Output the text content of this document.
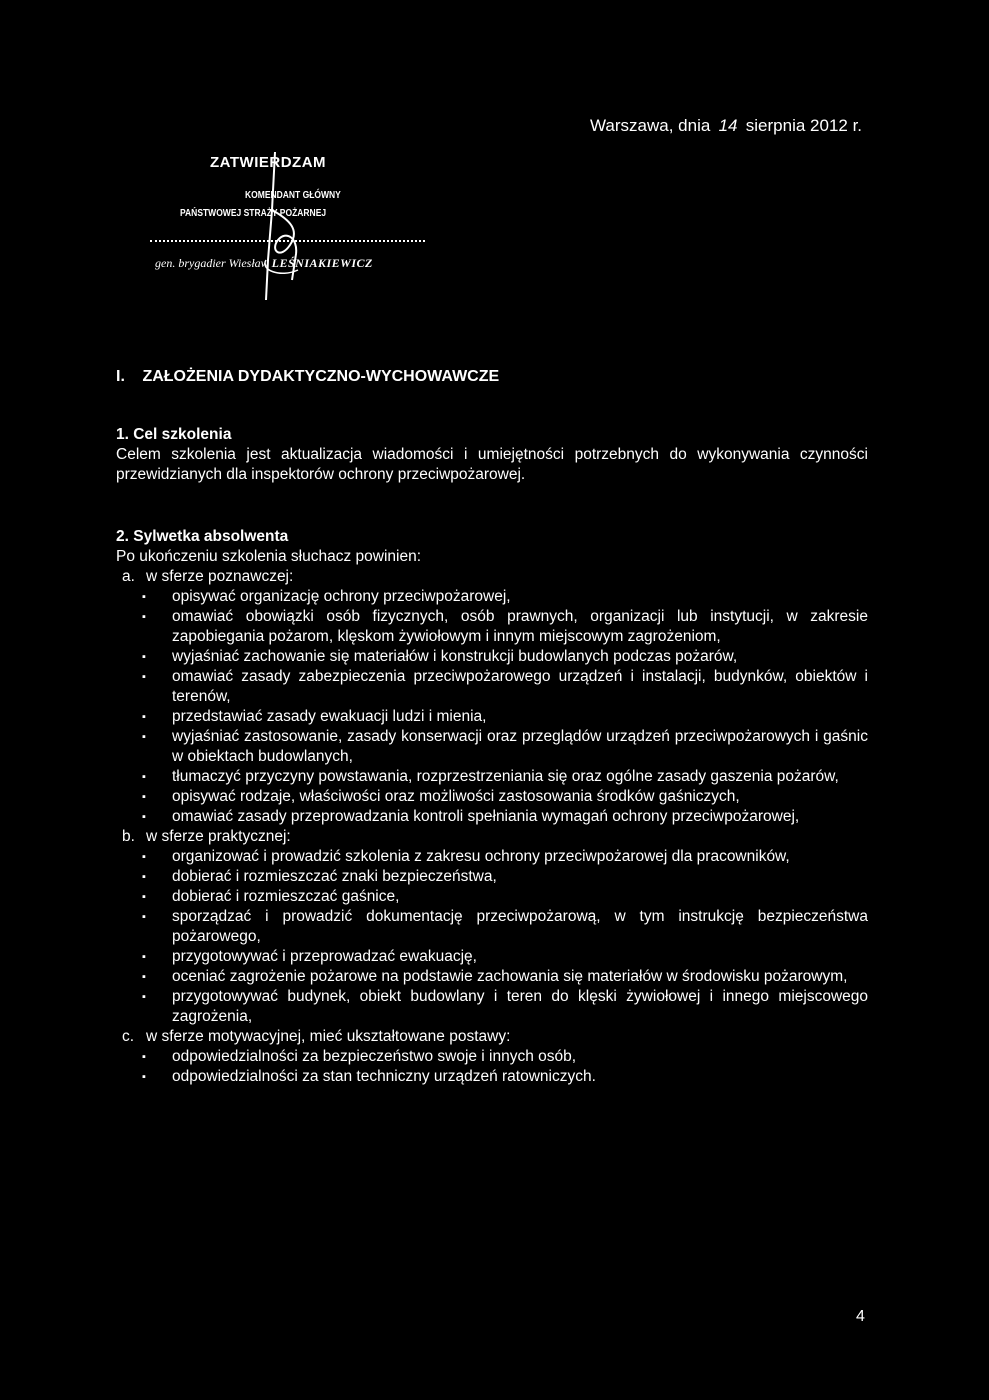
Warszawa, dnia 14 sierpnia 2012 r.
ZATWIERDZAM
KOMENDANT GŁÓWNY
PAŃSTWOWEJ STRAŻY POŻARNEJ
gen. brygadier Wiesław LEŚNIAKIEWICZ
I. ZAŁOŻENIA DYDAKTYCZNO-WYCHOWAWCZE
1. Cel szkolenia

Celem szkolenia jest aktualizacja wiadomości i umiejętności potrzebnych do wykonywania czynności przewidzianych dla inspektorów ochrony przeciwpożarowej.

2. Sylwetka absolwenta
Po ukończeniu szkolenia słuchacz powinien:
a. w sferze poznawczej:
▪ opisywać organizację ochrony przeciwpożarowej,
▪ omawiać obowiązki osób fizycznych, osób prawnych, organizacji lub instytucji, w zakresie zapobiegania pożarom, klęskom żywiołowym i innym miejscowym zagrożeniom,
▪ wyjaśniać zachowanie się materiałów i konstrukcji budowlanych podczas pożarów,
▪ omawiać zasady zabezpieczenia przeciwpożarowego urządzeń i instalacji, budynków, obiektów i terenów,
▪ przedstawiać zasady ewakuacji ludzi i mienia,
▪ wyjaśniać zastosowanie, zasady konserwacji oraz przeglądów urządzeń przeciwpożarowych i gaśnic w obiektach budowlanych,
▪ tłumaczyć przyczyny powstawania, rozprzestrzeniania się oraz ogólne zasady gaszenia pożarów,
▪ opisywać rodzaje, właściwości oraz możliwości zastosowania środków gaśniczych,
▪ omawiać zasady przeprowadzania kontroli spełniania wymagań ochrony przeciwpożarowej,
b. w sferze praktycznej:
▪ organizować i prowadzić szkolenia z zakresu ochrony przeciwpożarowej dla pracowników,
▪ dobierać i rozmieszczać znaki bezpieczeństwa,
▪ dobierać i rozmieszczać gaśnice,
▪ sporządzać i prowadzić dokumentację przeciwpożarową, w tym instrukcję bezpieczeństwa pożarowego,
▪ przygotowywać i przeprowadzać ewakuację,
▪ oceniać zagrożenie pożarowe na podstawie zachowania się materiałów w środowisku pożarowym,
▪ przygotowywać budynek, obiekt budowlany i teren do klęski żywiołowej i innego miejscowego zagrożenia,
c. w sferze motywacyjnej, mieć ukształtowane postawy:
▪ odpowiedzialności za bezpieczeństwo swoje i innych osób,
▪ odpowiedzialności za stan techniczny urządzeń ratowniczych.
4
